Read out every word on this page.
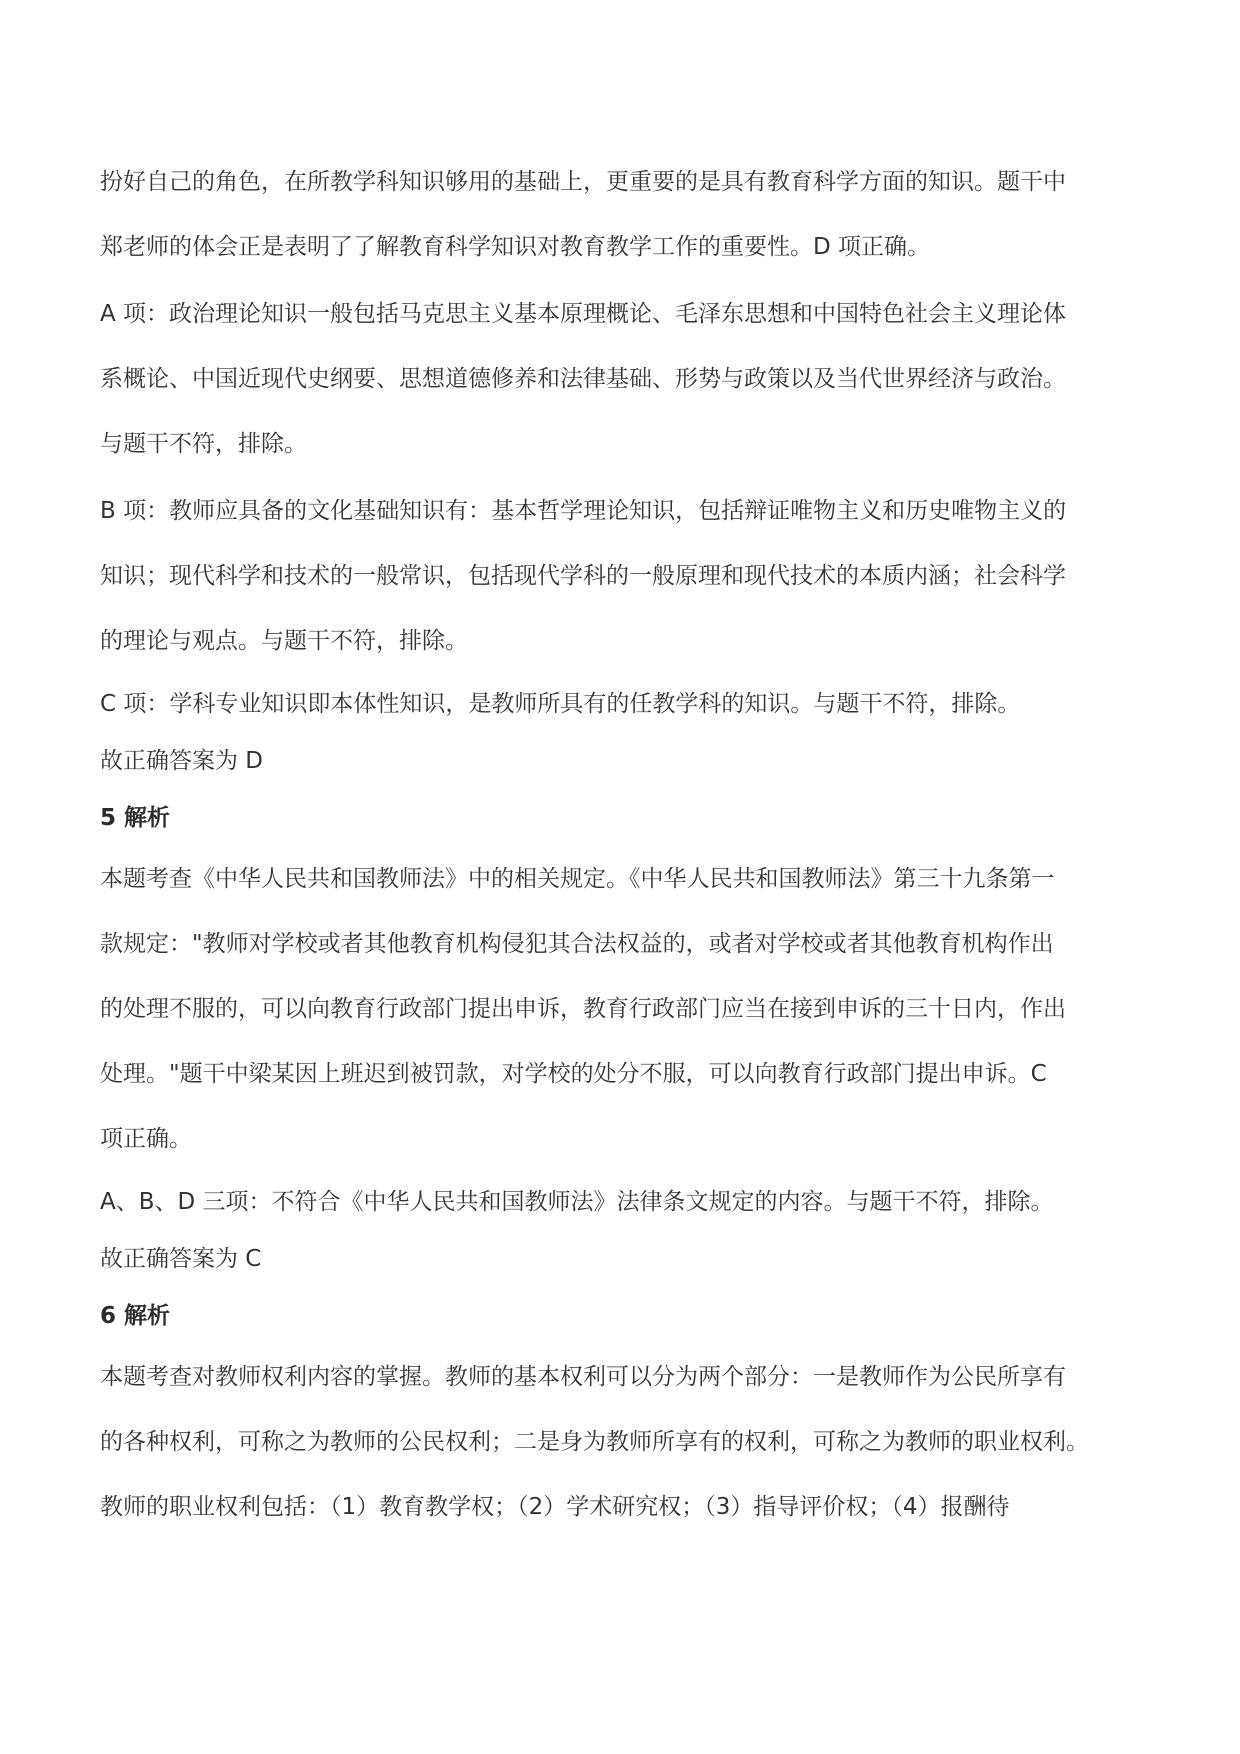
扮好自己的角色，在所教学科知识够用的基础上，更重要的是具有教育科学方面的知识。题干中
郑老师的体会正是表明了了解教育科学知识对教育教学工作的重要性。D 项正确。
A 项：政治理论知识一般包括马克思主义基本原理概论、毛泽东思想和中国特色社会主义理论体
系概论、中国近现代史纲要、思想道德修养和法律基础、形势与政策以及当代世界经济与政治。
与题干不符，排除。
B 项：教师应具备的文化基础知识有：基本哲学理论知识，包括辩证唯物主义和历史唯物主义的
知识；现代科学和技术的一般常识，包括现代学科的一般原理和现代技术的本质内涵；社会科学
的理论与观点。与题干不符，排除。
C 项：学科专业知识即本体性知识，是教师所具有的任教学科的知识。与题干不符，排除。
故正确答案为 D
5 解析
本题考查《中华人民共和国教师法》中的相关规定。《中华人民共和国教师法》第三十九条第一
款规定："教师对学校或者其他教育机构侵犯其合法权益的，或者对学校或者其他教育机构作出
的处理不服的，可以向教育行政部门提出申诉，教育行政部门应当在接到申诉的三十日内，作出
处理。"题干中梁某因上班迟到被罚款，对学校的处分不服，可以向教育行政部门提出申诉。C
项正确。
A、B、D 三项：不符合《中华人民共和国教师法》法律条文规定的内容。与题干不符，排除。
故正确答案为 C
6 解析
本题考查对教师权利内容的掌握。教师的基本权利可以分为两个部分：一是教师作为公民所享有
的各种权利，可称之为教师的公民权利；二是身为教师所享有的权利，可称之为教师的职业权利。
教师的职业权利包括：（1）教育教学权；（2）学术研究权；（3）指导评价权；（4）报酬待
